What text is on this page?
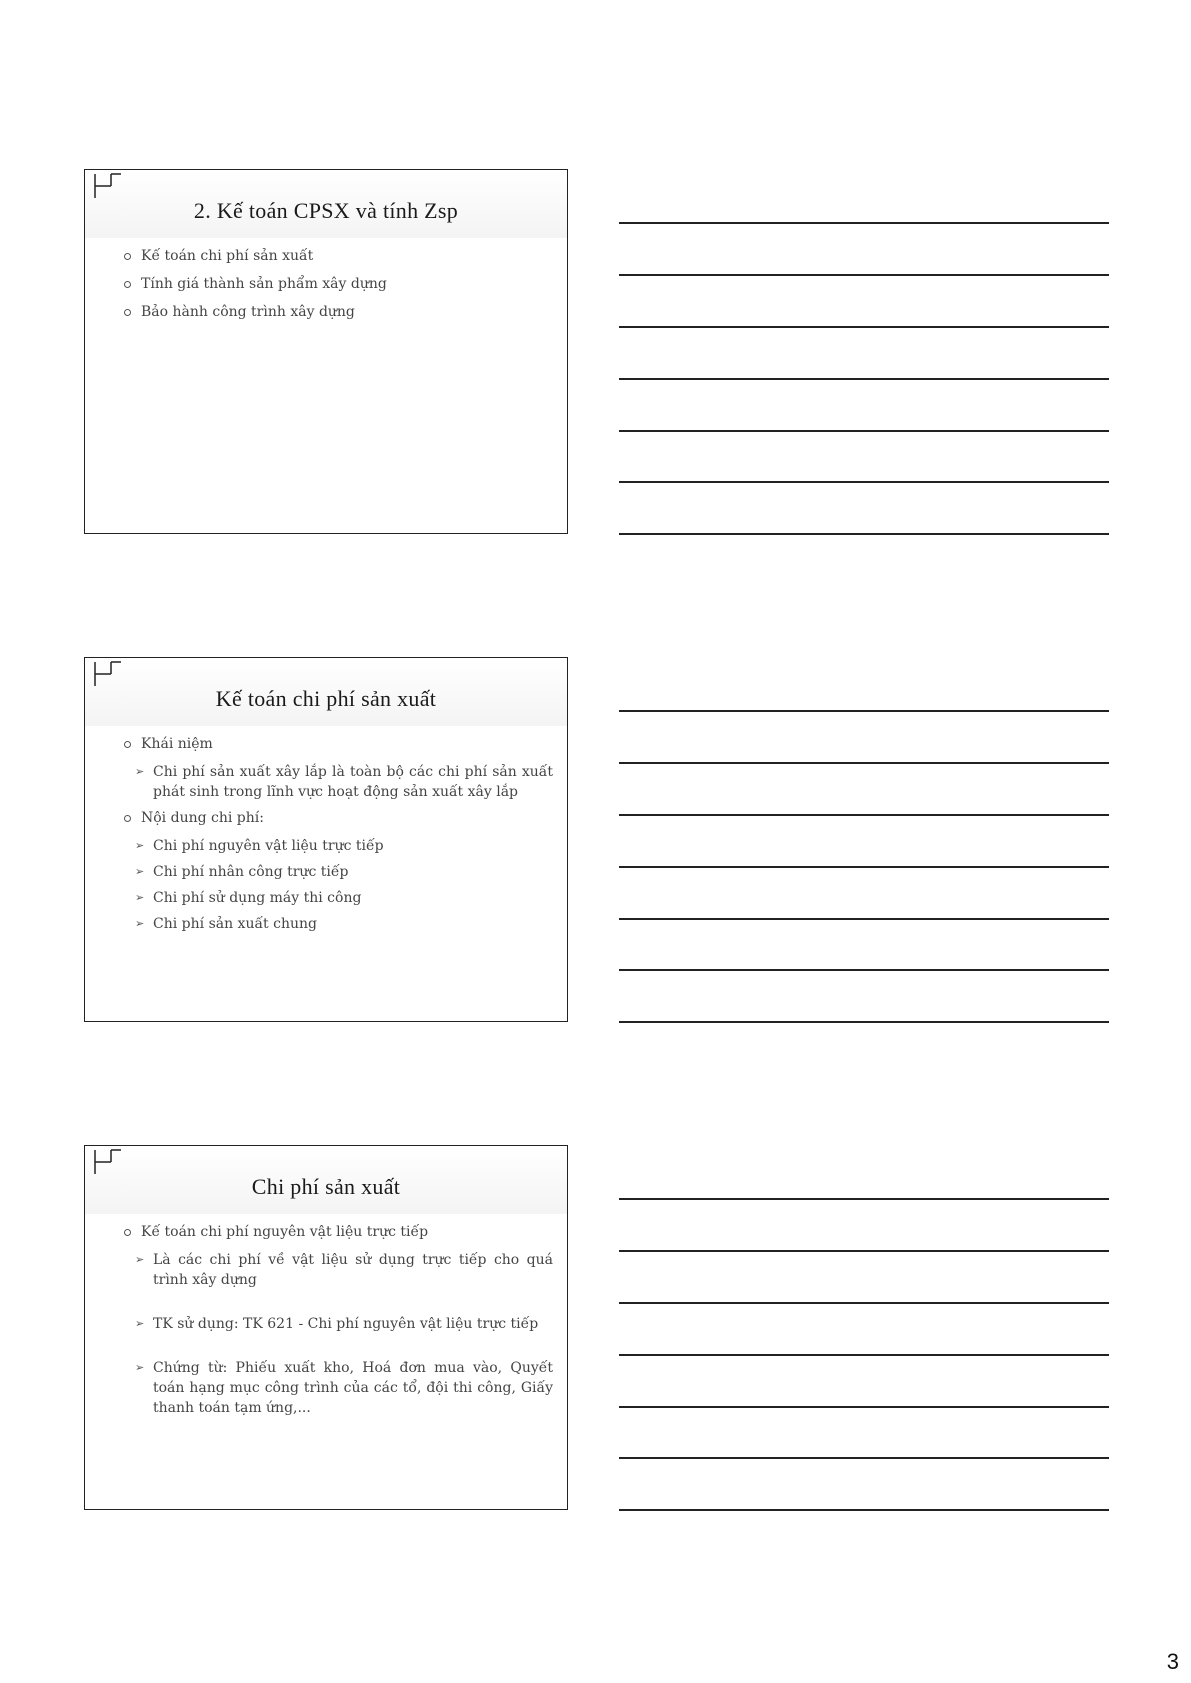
2. Kế toán CPSX và tính Zsp
Kế toán chi phí sản xuất
Tính giá thành sản phẩm xây dựng
Bảo hành công trình xây dựng
Kế toán chi phí sản xuất
Khái niệm
➢ Chi phí sản xuất xây lắp là toàn bộ các chi phí sản xuất phát sinh trong lĩnh vực hoạt động sản xuất xây lắp
Nội dung chi phí:
➢ Chi phí nguyên vật liệu trực tiếp
➢ Chi phí nhân công trực tiếp
➢ Chi phí sử dụng máy thi công
➢ Chi phí sản xuất chung
Chi phí sản xuất
Kế toán chi phí nguyên vật liệu trực tiếp
➢ Là các chi phí về vật liệu sử dụng trực tiếp cho quá trình xây dựng
➢ TK sử dụng: TK 621 - Chi phí nguyên vật liệu trực tiếp
➢ Chứng từ: Phiếu xuất kho, Hoá đơn mua vào, Quyết toán hạng mục công trình của các tổ, đội thi công, Giấy thanh toán tạm ứng,...
3
